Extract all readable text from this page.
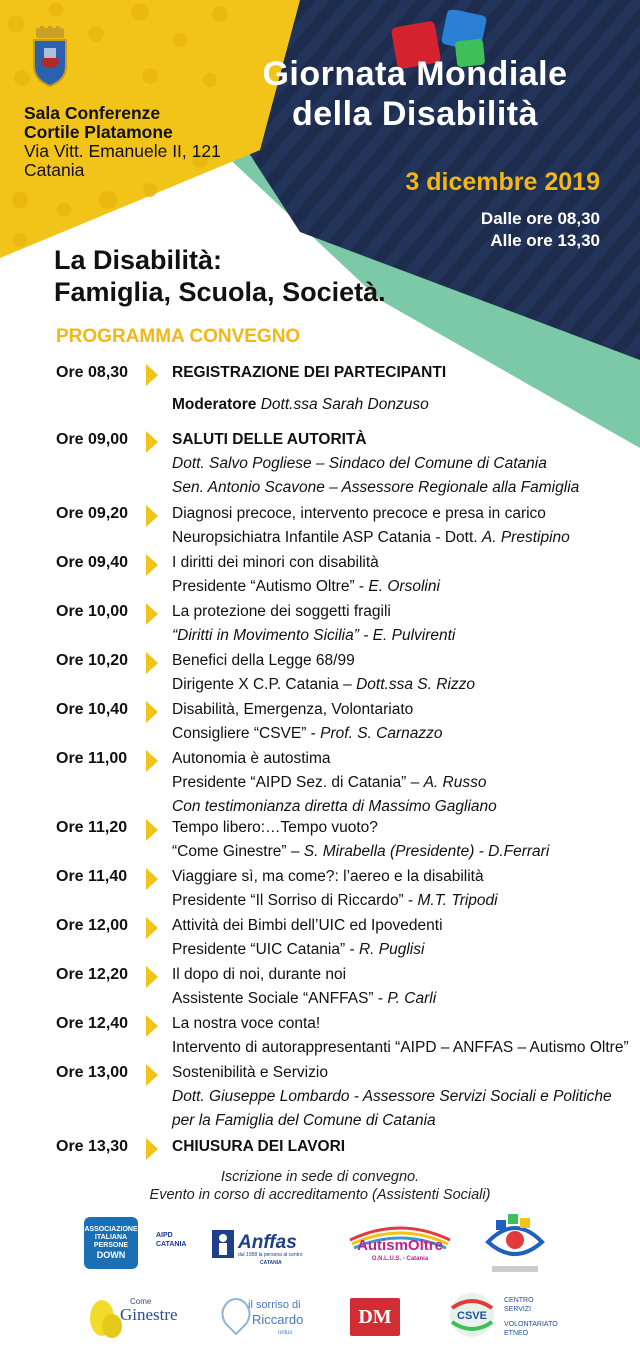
Sala Conferenze
Cortile Platamone
Via Vitt. Emanuele II, 121
Catania
Giornata Mondiale
della Disabilità
3 dicembre 2019
Dalle ore 08,30
Alle ore 13,30
La Disabilità:
Famiglia, Scuola, Società.
PROGRAMMA CONVEGNO
Ore 08,30	REGISTRAZIONE DEI PARTECIPANTI
Moderatore Dott.ssa Sarah Donzuso
Ore 09,00	SALUTI DELLE AUTORITÀ
Dott. Salvo Pogliese – Sindaco del Comune di Catania
Sen. Antonio Scavone – Assessore Regionale alla Famiglia
Ore 09,20	Diagnosi precoce, intervento precoce e presa in carico
Neuropsichiatra Infantile ASP Catania - Dott. A. Prestipino
Ore 09,40	I diritti dei minori con disabilità
Presidente “Autismo Oltre” - E. Orsolini
Ore 10,00	La protezione dei soggetti fragili
“Diritti in Movimento Sicilia” - E. Pulvirenti
Ore 10,20	Benefici della Legge 68/99
Dirigente X C.P. Catania – Dott.ssa S. Rizzo
Ore 10,40	Disabilità, Emergenza, Volontariato
Consigliere “CSVE” - Prof. S. Carnazzo
Ore 11,00	Autonomia è autostima
Presidente “AIPD Sez. di Catania” – A. Russo
Con testimonianza diretta di Massimo Gagliano
Ore 11,20	Tempo libero:…Tempo vuoto?
“Come Ginestre” – S. Mirabella (Presidente) - D.Ferrari
Ore 11,40	Viaggiare sì, ma come?: l’aereo e la disabilità
Presidente “Il Sorriso di Riccardo” - M.T. Tripodi
Ore 12,00	Attività dei Bimbi dell’UIC ed Ipovedenti
Presidente “UIC Catania” - R. Puglisi
Ore 12,20	Il dopo di noi, durante noi
Assistente Sociale “ANFFAS” - P. Carli
Ore 12,40	La nostra voce conta!
Intervento di autorappresentanti “AIPD – ANFFAS – Autismo Oltre”
Ore 13,00	Sostenibilità e Servizio
Dott. Giuseppe Lombardo - Assessore Servizi Sociali e Politiche
per la Famiglia del Comune di Catania
Ore 13,30	CHIUSURA DEI LAVORI
Iscrizione in sede di convegno.
Evento in corso di accreditamento (Assistenti Sociali)
ASSOCIAZIONE
ITALIANA
PERSONE
DOWN
AIPD
CATANIA	Anffas
dal 1958 la persona al centro
CATANIA
AutismOltre
O.N.L.U.S. - Catania
Come
Ginestre	il sorriso di
Riccardo
onlus
DM	CSVE
CENTRO
SERVIZI
VOLONTARIATO
ETNEO
